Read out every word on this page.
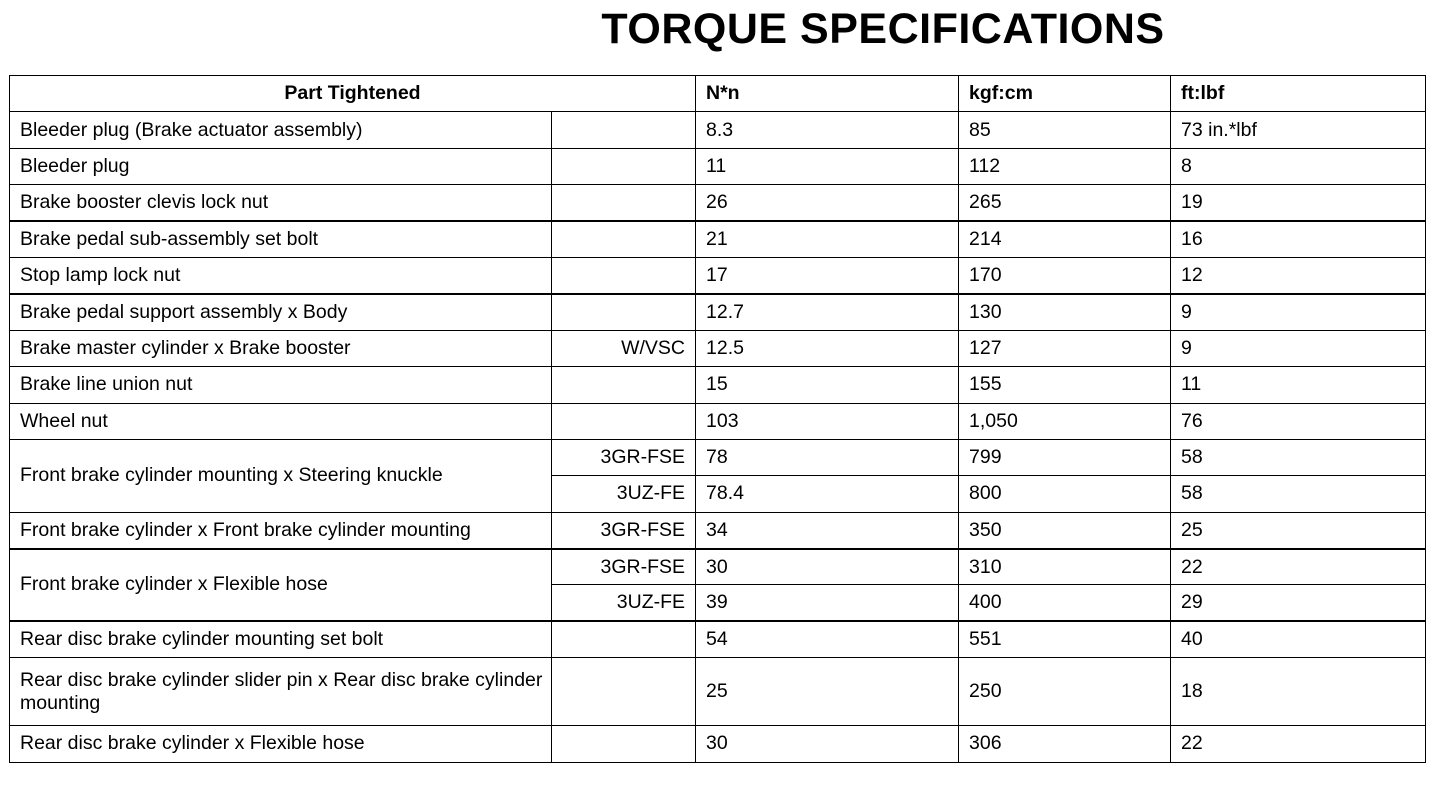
TORQUE SPECIFICATIONS
Part Tightened		N*n	kgf:cm	ft:lbf
Bleeder plug (Brake actuator assembly)		8.3	85	73 in.*lbf
Bleeder plug		11	112	8
Brake booster clevis lock nut		26	265	19
Brake pedal sub-assembly set bolt		21	214	16
Stop lamp lock nut		17	170	12
Brake pedal support assembly x Body		12.7	130	9
Brake master cylinder x Brake booster	W/VSC	12.5	127	9
Brake line union nut		15	155	11
Wheel nut		103	1,050	76
Front brake cylinder mounting x Steering knuckle	3GR-FSE	78	799	58
	3UZ-FE	78.4	800	58
Front brake cylinder x Front brake cylinder mounting	3GR-FSE	34	350	25
Front brake cylinder x Flexible hose	3GR-FSE	30	310	22
	3UZ-FE	39	400	29
Rear disc brake cylinder mounting set bolt		54	551	40
Rear disc brake cylinder slider pin x Rear disc brake cylinder mounting		25	250	18
Rear disc brake cylinder x Flexible hose		30	306	22
